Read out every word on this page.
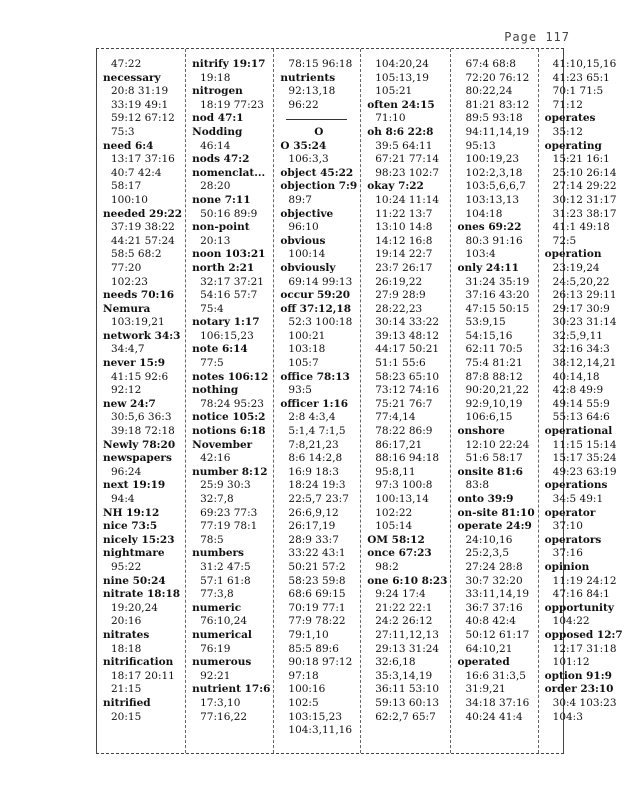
Page 117
47:22
necessary
20:8 31:19
33:19 49:1
59:12 67:12
75:3
need 6:4
13:17 37:16
40:7 42:4
58:17
100:10
needed 29:22
37:19 38:22
44:21 57:24
58:5 68:2
77:20
102:23
needs 70:16
Nemura
103:19,21
network 34:3
34:4,7
never 15:9
41:15 92:6
92:12
new 24:7
30:5,6 36:3
39:18 72:18
Newly 78:20
newspapers
96:24
next 19:19
94:4
NH 19:12
nice 73:5
nicely 15:23
nightmare
95:22
nine 50:24
nitrate 18:18
19:20,24
20:16
nitrates
18:18
nitrification
18:17 20:11
21:15
nitrified
20:15
nitrify 19:17
19:18
nitrogen
18:19 77:23
nod 47:1
Nodding
46:14
nods 47:2
nomenclat...
28:20
none 7:11
50:16 89:9
non-point
20:13
noon 103:21
north 2:21
32:17 37:21
54:16 57:7
75:4
notary 1:17
106:15,23
note 6:14
77:5
notes 106:12
nothing
78:24 95:23
notice 105:2
notions 6:18
November
42:16
number 8:12
25:9 30:3
32:7,8
69:23 77:3
77:19 78:1
78:5
numbers
31:2 47:5
57:1 61:8
77:3,8
numeric
76:10,24
numerical
76:19
numerous
92:21
nutrient 17:6
17:3,10
77:16,22
78:15 96:18
nutrients
92:13,18
96:22
O
O 35:24
106:3,3
object 45:22
objection 7:9
89:7
objective
96:10
obvious
100:14
obviously
69:14 99:13
occur 59:20
off 37:12,18
52:3 100:18
100:21
103:18
105:7
office 78:13
93:5
officer 1:16
2:8 4:3,4
5:1,4 7:1,5
7:8,21,23
8:6 14:2,8
16:9 18:3
18:24 19:3
22:5,7 23:7
26:6,9,12
26:17,19
28:9 33:7
33:22 43:1
50:21 57:2
58:23 59:8
68:6 69:15
70:19 77:1
77:9 78:22
79:1,10
85:5 89:6
90:18 97:12
97:18
100:16
102:5
103:15,23
104:3,11,16
104:20,24
105:13,19
105:21
often 24:15
71:10
oh 8:6 22:8
39:5 64:11
67:21 77:14
98:23 102:7
okay 7:22
10:24 11:14
11:22 13:7
13:10 14:8
14:12 16:8
19:14 22:7
23:7 26:17
26:19,22
27:9 28:9
28:22,23
30:14 33:22
39:13 48:12
44:17 50:21
51:1 55:6
58:23 65:10
73:12 74:16
75:21 76:7
77:4,14
78:22 86:9
86:17,21
88:16 94:18
95:8,11
97:3 100:8
100:13,14
102:22
105:14
OM 58:12
once 67:23
98:2
one 6:10 8:23
9:24 17:4
21:22 22:1
24:2 26:12
27:11,12,13
29:13 31:24
32:6,18
35:3,14,19
36:11 53:10
59:13 60:13
62:2,7 65:7
67:4 68:8
72:20 76:12
80:22,24
81:21 83:12
89:5 93:18
94:11,14,19
95:13
100:19,23
102:2,3,18
103:5,6,6,7
103:13,13
104:18
ones 69:22
80:3 91:16
103:4
only 24:11
31:24 35:19
37:16 43:20
47:15 50:15
53:9,15
54:15,16
62:11 70:5
75:4 81:21
87:8 88:12
90:20,21,22
92:9,10,19
106:6,15
onshore
12:10 22:24
51:6 58:17
onsite 81:6
83:8
onto 39:9
on-site 81:10
operate 24:9
24:10,16
25:2,3,5
27:24 28:8
30:7 32:20
33:11,14,19
36:7 37:16
40:8 42:4
50:12 61:17
64:10,21
operated
16:6 31:3,5
31:9,21
34:18 37:16
40:24 41:4
41:10,15,16
41:23 65:1
70:1 71:5
71:12
operates
35:12
operating
15:21 16:1
25:10 26:14
27:14 29:22
30:12 31:17
31:23 38:17
41:1 49:18
72:5
operation
23:19,24
24:5,20,22
26:13 29:11
29:17 30:9
30:23 31:14
32:5,9,11
32:16 34:3
38:12,14,21
40:14,18
42:8 49:9
49:14 55:9
55:13 64:6
operational
11:15 15:14
15:17 35:24
49:23 63:19
operations
34:5 49:1
operator
37:10
operators
37:16
opinion
11:19 24:12
47:16 84:1
opportunity
104:22
opposed 12:7
12:17 31:18
101:12
option 91:9
order 23:10
30:4 103:23
104:3
